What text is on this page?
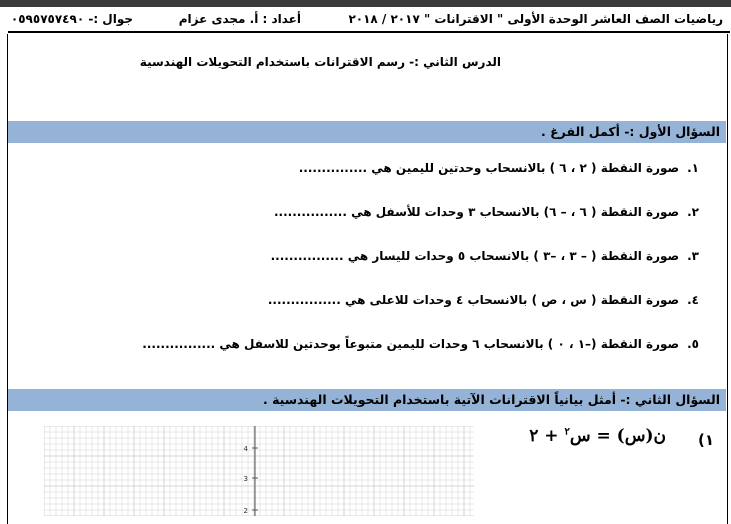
رياضيات الصف العاشر الوحدة الأولى " الاقترانات " ٢٠١٧ / ٢٠١٨
أعداد : أ. مجدى عزام
جوال :- ٠٥٩٥٧٥٧٤٩٠
الدرس الثاني :- رسم الاقترانات باستخدام التحويلات الهندسية
السؤال الأول :- أكمل الفرغ .
١.صورة النقطة ( ٢ ، ٦ ) بالانسحاب وحدتين لليمين هي ...............
٢.صورة النقطة ( ٦ ، – ٦) بالانسحاب ٣ وحدات للأسفل هي ................
٣.صورة النقطة ( – ٣ ، –٣ ) بالانسحاب ٥ وحدات لليسار هي ................
٤.صورة النقطة ( س ، ص ) بالانسحاب ٤ وحدات للاعلى هي ................
٥.صورة النقطة (–١ ، ٠ ) بالانسحاب ٦ وحدات لليمين متبوعاً بوحدتين للاسفل هي ................
السؤال الثاني :- أمثل بيانياً الاقترانات الآتية باستخدام التحويلات الهندسية .
١)
ن(س) = س$^٢$ + ٢
4
3
2
